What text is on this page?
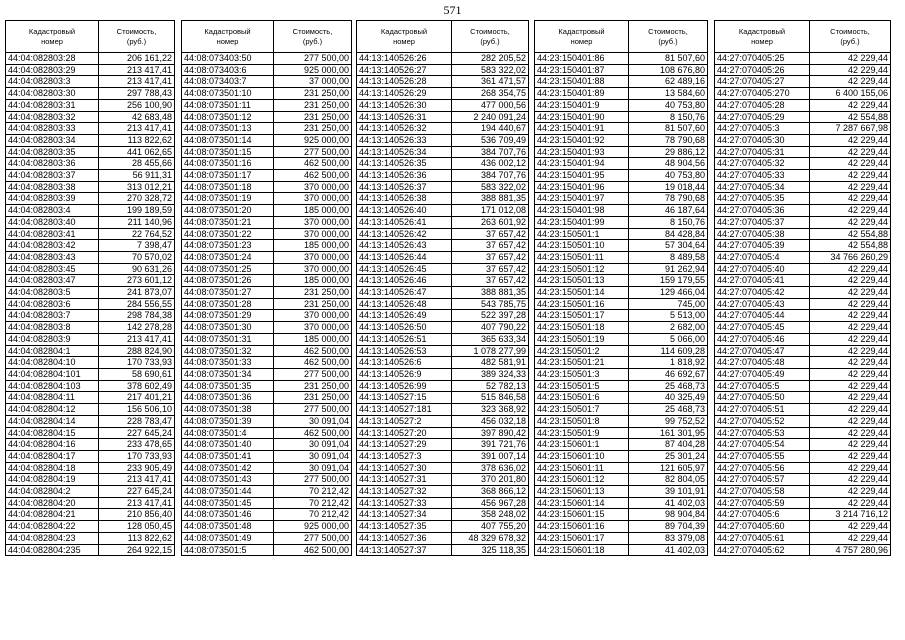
571
Кадастровый
номер	Стоимость,
(руб.)
44:04:082803:28	206 161,22
44:04:082803:29	213 417,41
44:04:082803:3	213 417,41
44:04:082803:30	297 788,43
44:04:082803:31	256 100,90
44:04:082803:32	42 683,48
44:04:082803:33	213 417,41
44:04:082803:34	113 822,62
44:04:082803:35	441 062,65
44:04:082803:36	28 455,66
44:04:082803:37	56 911,31
44:04:082803:38	313 012,21
44:04:082803:39	270 328,72
44:04:082803:4	199 189,59
44:04:082803:40	211 140,96
44:04:082803:41	22 764,52
44:04:082803:42	7 398,47
44:04:082803:43	70 570,02
44:04:082803:45	90 631,26
44:04:082803:47	273 601,12
44:04:082803:5	241 873,07
44:04:082803:6	284 556,55
44:04:082803:7	298 784,38
44:04:082803:8	142 278,28
44:04:082803:9	213 417,41
44:04:082804:1	288 824,90
44:04:082804:10	170 733,93
44:04:082804:101	58 690,61
44:04:082804:103	378 602,49
44:04:082804:11	217 401,21
44:04:082804:12	156 506,10
44:04:082804:14	228 783,47
44:04:082804:15	227 645,24
44:04:082804:16	233 478,65
44:04:082804:17	170 733,93
44:04:082804:18	233 905,49
44:04:082804:19	213 417,41
44:04:082804:2	227 645,24
44:04:082804:20	213 417,41
44:04:082804:21	210 856,40
44:04:082804:22	128 050,45
44:04:082804:23	113 822,62
44:04:082804:235	264 922,15
Кадастровый
номер	Стоимость,
(руб.)
44:08:073403:50	277 500,00
44:08:073403:6	925 000,00
44:08:073403:7	37 000,00
44:08:073501:10	231 250,00
44:08:073501:11	231 250,00
44:08:073501:12	231 250,00
44:08:073501:13	231 250,00
44:08:073501:14	925 000,00
44:08:073501:15	277 500,00
44:08:073501:16	462 500,00
44:08:073501:17	462 500,00
44:08:073501:18	370 000,00
44:08:073501:19	370 000,00
44:08:073501:20	185 000,00
44:08:073501:21	370 000,00
44:08:073501:22	370 000,00
44:08:073501:23	185 000,00
44:08:073501:24	370 000,00
44:08:073501:25	370 000,00
44:08:073501:26	185 000,00
44:08:073501:27	231 250,00
44:08:073501:28	231 250,00
44:08:073501:29	370 000,00
44:08:073501:30	370 000,00
44:08:073501:31	185 000,00
44:08:073501:32	462 500,00
44:08:073501:33	462 500,00
44:08:073501:34	277 500,00
44:08:073501:35	231 250,00
44:08:073501:36	231 250,00
44:08:073501:38	277 500,00
44:08:073501:39	30 091,04
44:08:073501:4	462 500,00
44:08:073501:40	30 091,04
44:08:073501:41	30 091,04
44:08:073501:42	30 091,04
44:08:073501:43	277 500,00
44:08:073501:44	70 212,42
44:08:073501:45	70 212,42
44:08:073501:46	70 212,42
44:08:073501:48	925 000,00
44:08:073501:49	277 500,00
44:08:073501:5	462 500,00
Кадастровый
номер	Стоимость,
(руб.)
44:13:140526:26	282 205,52
44:13:140526:27	583 322,02
44:13:140526:28	361 471,57
44:13:140526:29	268 354,75
44:13:140526:30	477 000,56
44:13:140526:31	2 240 091,24
44:13:140526:32	194 440,67
44:13:140526:33	536 709,49
44:13:140526:34	384 707,76
44:13:140526:35	436 002,12
44:13:140526:36	384 707,76
44:13:140526:37	583 322,02
44:13:140526:38	388 881,35
44:13:140526:40	171 012,08
44:13:140526:41	263 601,92
44:13:140526:42	37 657,42
44:13:140526:43	37 657,42
44:13:140526:44	37 657,42
44:13:140526:45	37 657,42
44:13:140526:46	37 657,42
44:13:140526:47	388 881,35
44:13:140526:48	543 785,75
44:13:140526:49	522 397,28
44:13:140526:50	407 790,22
44:13:140526:51	365 633,34
44:13:140526:53	1 078 277,99
44:13:140526:6	482 581,91
44:13:140526:9	389 324,33
44:13:140526:99	52 782,13
44:13:140527:15	515 846,58
44:13:140527:181	323 368,92
44:13:140527:2	456 032,18
44:13:140527:20	397 890,42
44:13:140527:29	391 721,76
44:13:140527:3	391 007,14
44:13:140527:30	378 636,02
44:13:140527:31	370 201,80
44:13:140527:32	368 866,12
44:13:140527:33	456 967,28
44:13:140527:34	358 248,02
44:13:140527:35	407 755,20
44:13:140527:36	48 329 678,32
44:13:140527:37	325 118,35
Кадастровый
номер	Стоимость,
(руб.)
44:23:150401:86	81 507,60
44:23:150401:87	108 676,80
44:23:150401:88	62 489,16
44:23:150401:89	13 584,60
44:23:150401:9	40 753,80
44:23:150401:90	8 150,76
44:23:150401:91	81 507,60
44:23:150401:92	78 790,68
44:23:150401:93	29 886,12
44:23:150401:94	48 904,56
44:23:150401:95	40 753,80
44:23:150401:96	19 018,44
44:23:150401:97	78 790,68
44:23:150401:98	46 187,64
44:23:150401:99	8 150,76
44:23:150501:1	84 428,84
44:23:150501:10	57 304,64
44:23:150501:11	8 489,58
44:23:150501:12	91 262,94
44:23:150501:13	159 179,55
44:23:150501:14	129 466,04
44:23:150501:16	745,00
44:23:150501:17	5 513,00
44:23:150501:18	2 682,00
44:23:150501:19	5 066,00
44:23:150501:2	114 609,28
44:23:150501:21	1 818,92
44:23:150501:3	46 692,67
44:23:150501:5	25 468,73
44:23:150501:6	40 325,49
44:23:150501:7	25 468,73
44:23:150501:8	99 752,52
44:23:150501:9	161 301,95
44:23:150601:1	87 404,28
44:23:150601:10	25 301,24
44:23:150601:11	121 605,97
44:23:150601:12	82 804,05
44:23:150601:13	39 101,91
44:23:150601:14	41 402,03
44:23:150601:15	98 904,84
44:23:150601:16	89 704,39
44:23:150601:17	83 379,08
44:23:150601:18	41 402,03
Кадастровый
номер	Стоимость,
(руб.)
44:27:070405:25	42 229,44
44:27:070405:26	42 229,44
44:27:070405:27	42 229,44
44:27:070405:270	6 400 155,06
44:27:070405:28	42 229,44
44:27:070405:29	42 554,88
44:27:070405:3	7 287 667,98
44:27:070405:30	42 229,44
44:27:070405:31	42 229,44
44:27:070405:32	42 229,44
44:27:070405:33	42 229,44
44:27:070405:34	42 229,44
44:27:070405:35	42 229,44
44:27:070405:36	42 229,44
44:27:070405:37	42 229,44
44:27:070405:38	42 554,88
44:27:070405:39	42 554,88
44:27:070405:4	34 766 260,29
44:27:070405:40	42 229,44
44:27:070405:41	42 229,44
44:27:070405:42	42 229,44
44:27:070405:43	42 229,44
44:27:070405:44	42 229,44
44:27:070405:45	42 229,44
44:27:070405:46	42 229,44
44:27:070405:47	42 229,44
44:27:070405:48	42 229,44
44:27:070405:49	42 229,44
44:27:070405:5	42 229,44
44:27:070405:50	42 229,44
44:27:070405:51	42 229,44
44:27:070405:52	42 229,44
44:27:070405:53	42 229,44
44:27:070405:54	42 229,44
44:27:070405:55	42 229,44
44:27:070405:56	42 229,44
44:27:070405:57	42 229,44
44:27:070405:58	42 229,44
44:27:070405:59	42 229,44
44:27:070405:6	3 214 716,12
44:27:070405:60	42 229,44
44:27:070405:61	42 229,44
44:27:070405:62	4 757 280,96
